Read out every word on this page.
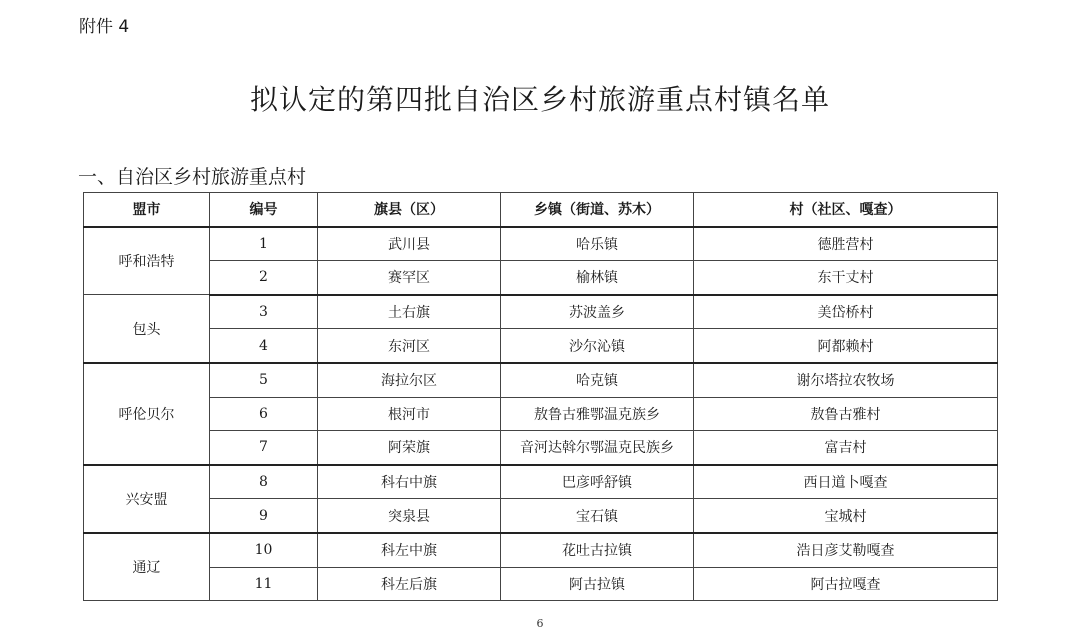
附件 4
拟认定的第四批自治区乡村旅游重点村镇名单
一、自治区乡村旅游重点村
盟市	编号	旗县（区）	乡镇（街道、苏木）	村（社区、嘎查）
呼和浩特	1	武川县	哈乐镇	德胜营村
	2	赛罕区	榆林镇	东干丈村
包头	3	土右旗	苏波盖乡	美岱桥村
	4	东河区	沙尔沁镇	阿都赖村
呼伦贝尔	5	海拉尔区	哈克镇	谢尔塔拉农牧场
	6	根河市	敖鲁古雅鄂温克族乡	敖鲁古雅村
	7	阿荣旗	音河达斡尔鄂温克民族乡	富吉村
兴安盟	8	科右中旗	巴彦呼舒镇	西日道卜嘎查
	9	突泉县	宝石镇	宝城村
通辽	10	科左中旗	花吐古拉镇	浩日彦艾勒嘎查
	11	科左后旗	阿古拉镇	阿古拉嘎查
6
